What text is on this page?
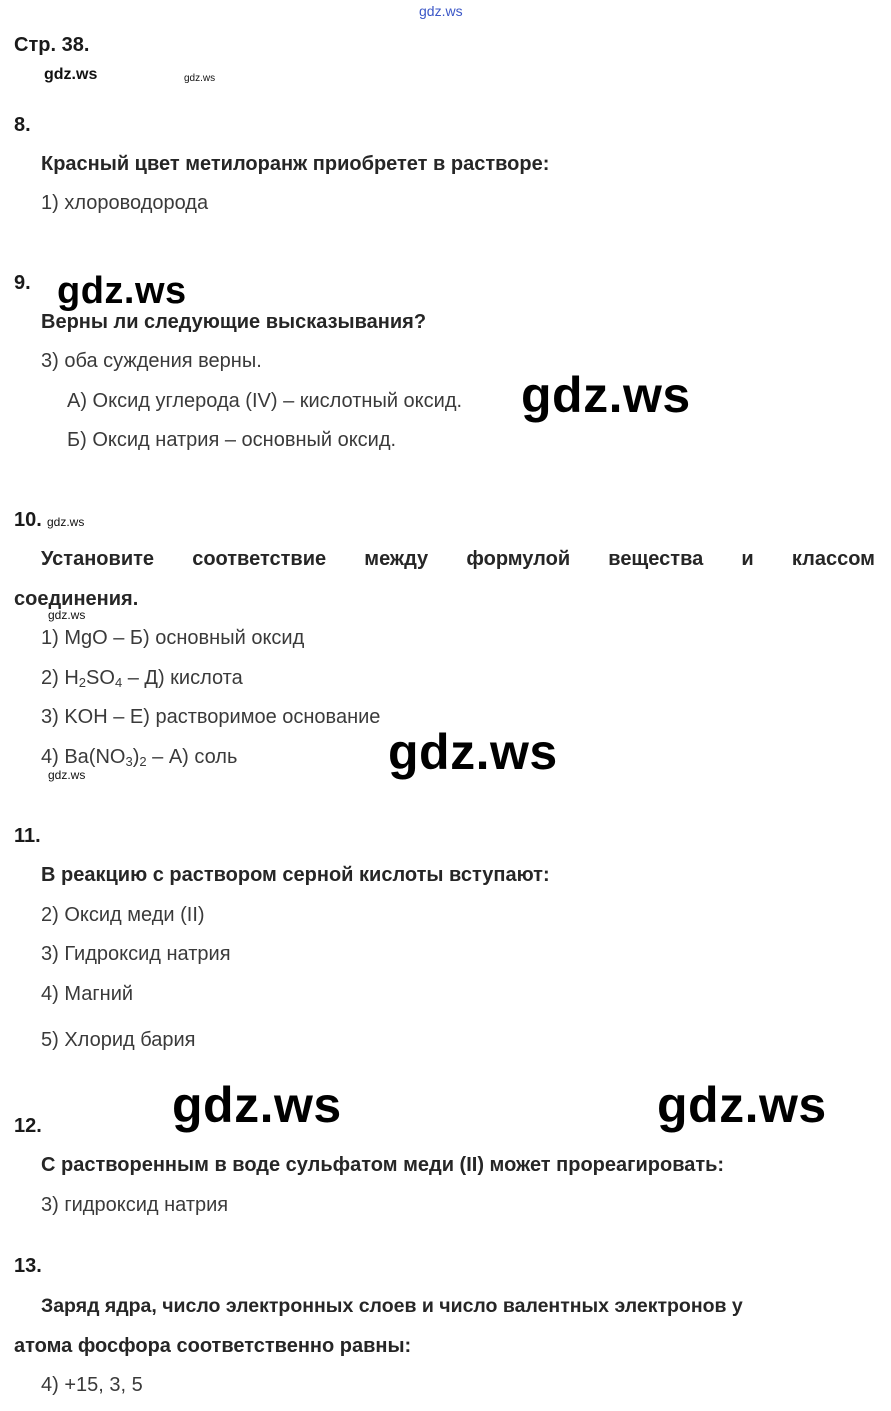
gdz.ws
Стр. 38.
gdz.ws	gdz.ws
8.
Красный цвет метилоранж приобретет в растворе:
1) хлороводорода
9. gdz.ws
Верны ли следующие высказывания?
3) оба суждения верны.
А) Оксид углерода (IV) – кислотный оксид.
Б) Оксид натрия – основный оксид.
gdz.ws
10. gdz.ws
Установите соответствие между формулой вещества и классом
соединения.
gdz.ws
1) MgO – Б) основный оксид
2) $H_2SO_4 - Д$) кислота
3) KOH – Е) растворимое основание
4) $Ba(NO_3)_2 - А$) соль
gdz.ws	gdz.ws
11.
В реакцию с раствором серной кислоты вступают:
2) Оксид меди (II)
3) Гидроксид натрия
4) Магний
5) Хлорид бария
gdz.ws	gdz.ws
12.
С растворенным в воде сульфатом меди (II) может прореагировать:
3) гидроксид натрия
13.
Заряд ядра, число электронных слоев и число валентных электронов у
атома фосфора соответственно равны:
4) +15, 3, 5
